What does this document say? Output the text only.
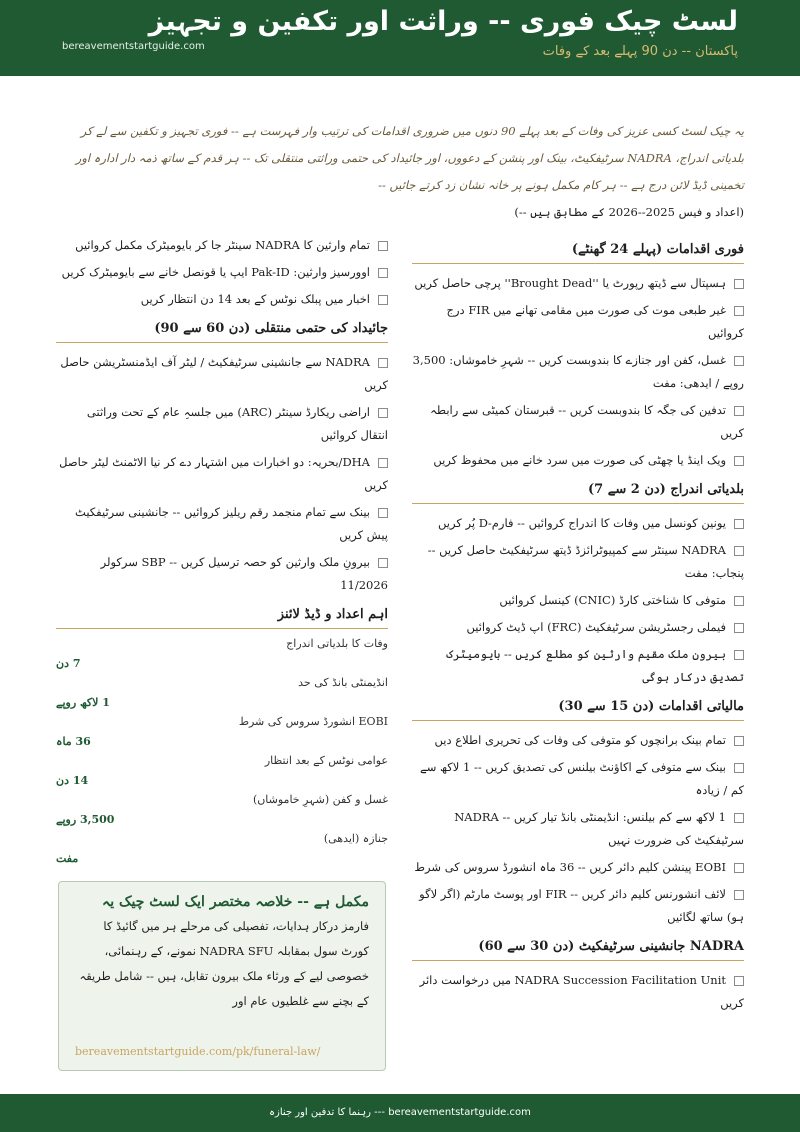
bereavementstartguide.com
لسٹ چیک فوری -- وراثت اور تکفین و تجہیز
پاکستان -- دن 90 پہلے بعد کے وفات
یہ چیک لسٹ کسی عزیز کی وفات کے بعد پہلے 90 دنوں میں ضروری اقدامات کی ترتیب وار فہرست ہے -- فوری تجہیز و تکفین سے لے کر بلدیاتی اندراج، NADRA سرٹیفکیٹ، بینک اور پنشن کے دعووں، اور جائیداد کی حتمی وراثتی منتقلی تک -- ہر قدم کے ساتھ ذمہ دار ادارہ اور تخمینی ڈیڈ لائن درج ہے -- ہر کام مکمل ہونے پر خانہ نشان زد کرتے جائیں --
(اعداد و فیس 2025--2026 کے مطابق ہیں --)
فوری اقدامات (پہلے 24 گھنٹے)
ہسپتال سے ڈیتھ رپورٹ یا ''Brought Dead'' پرچی حاصل کریں
غیر طبعی موت کی صورت میں مقامی تھانے میں FIR درج کروائیں
غسل، کفن اور جنازے کا بندوبست کریں -- شہرِ خاموشاں: 3,500 روپے / ایدھی: مفت
تدفین کی جگہ کا بندوبست کریں -- قبرستان کمیٹی سے رابطہ کریں
ویک اینڈ یا چھٹی کی صورت میں سرد خانے میں محفوظ کریں
بلدیاتی اندراج (دن 2 سے 7)
یونین کونسل میں وفات کا اندراج کروائیں -- فارم-D پُر کریں
NADRA سینٹر سے کمپیوٹرائزڈ ڈیتھ سرٹیفکیٹ حاصل کریں -- پنجاب: مفت
متوفی کا شناختی کارڈ (CNIC) کینسل کروائیں
فیملی رجسٹریشن سرٹیفکیٹ (FRC) اپ ڈیٹ کروائیں
بیرونِ ملک مقیم وارثین کو مطلع کریں -- بایومیٹرک تصدیق درکار ہوگی
مالیاتی اقدامات (دن 15 سے 30)
تمام بینک برانچوں کو متوفی کی وفات کی تحریری اطلاع دیں
بینک سے متوفی کے اکاؤنٹ بیلنس کی تصدیق کریں -- 1 لاکھ سے کم / زیادہ
1 لاکھ سے کم بیلنس: انڈیمنٹی بانڈ تیار کریں -- NADRA سرٹیفکیٹ کی ضرورت نہیں
EOBI پینشن کلیم دائر کریں -- 36 ماہ انشورڈ سروس کی شرط
لائف انشورنس کلیم دائر کریں -- FIR اور پوسٹ مارٹم (اگر لاگو ہو) ساتھ لگائیں
NADRA جانشینی سرٹیفکیٹ (دن 30 سے 60)
NADRA Succession Facilitation Unit میں درخواست دائر کریں
تمام وارثین کا NADRA سینٹر جا کر بایومیٹرک مکمل کروائیں
اوورسیز وارثین: Pak-ID ایپ یا قونصل خانے سے بایومیٹرک کریں
اخبار میں پبلک نوٹس کے بعد 14 دن انتظار کریں
جائیداد کی حتمی منتقلی (دن 60 سے 90)
NADRA سے جانشینی سرٹیفکیٹ / لیٹر آف ایڈمنسٹریشن حاصل کریں
اراضی ریکارڈ سینٹر (ARC) میں جلسہِ عام کے تحت وراثتی انتقال کروائیں
DHA/بحریہ: دو اخبارات میں اشتہار دے کر نیا الاٹمنٹ لیٹر حاصل کریں
بینک سے تمام منجمد رقم ریلیز کروائیں -- جانشینی سرٹیفکیٹ پیش کریں
بیرونِ ملک وارثین کو حصہ ترسیل کریں -- SBP سرکولر 11/2026
اہم اعداد و ڈیڈ لائنز
وفات کا بلدیاتی اندراج
7 دن
انڈیمنٹی بانڈ کی حد
1 لاکھ روپے
EOBI انشورڈ سروس کی شرط
36 ماہ
عوامی نوٹس کے بعد انتظار
14 دن
غسل و کفن (شہرِ خاموشاں)
3,500 روپے
جنازہ (ایدھی)
مفت
مکمل ہے -- خلاصہ مختصر ایک لسٹ چیک یہ
فارمز درکار ہدایات، تفصیلی کی مرحلے ہر میں گائیڈ کا کورٹ سول بمقابلہ NADRA SFU نمونے، کے رہنمائی، خصوصی لیے کے ورثاء ملک بیرون تقابل، ہیں -- شامل طریقہ کے بچنے سے غلطیوں عام اور
bereavementstartguide.com/pk/funeral-law/
bereavementstartguide.com --- رہنما کا تدفین اور جنازہ
